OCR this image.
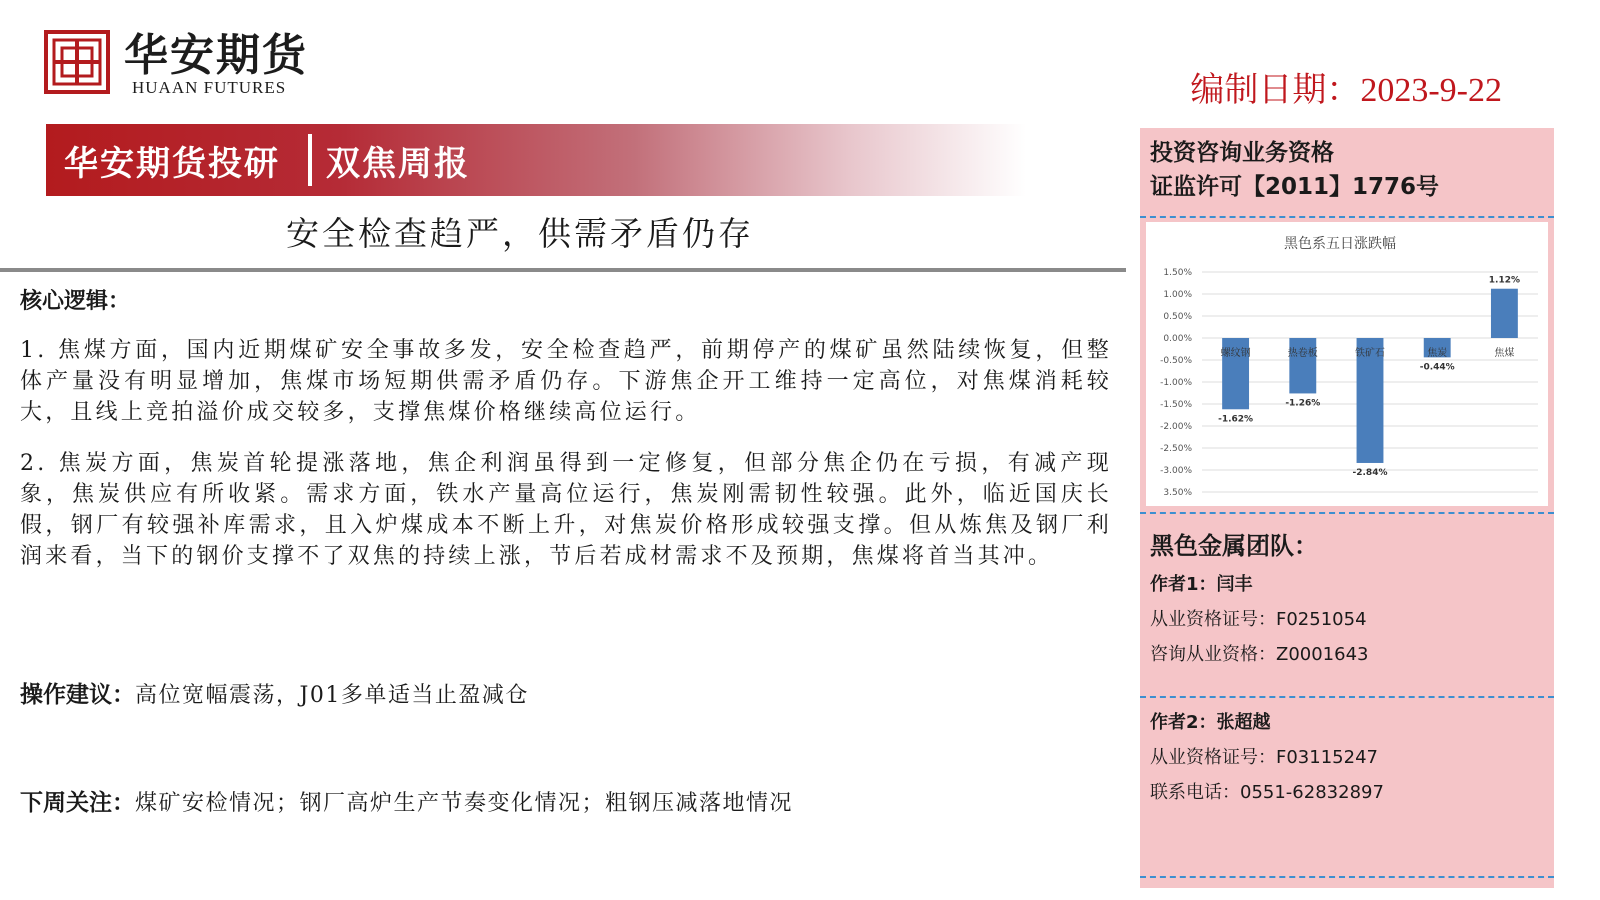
华安期货
HUAAN FUTURES	编制日期：2023-9-22
华安期货投研 双焦周报
安全检查趋严，供需矛盾仍存
核心逻辑：

1. 焦煤方面，国内近期煤矿安全事故多发，安全检查趋严，前期停产的煤矿虽然陆续恢复，但整体产量没有明显增加，焦煤市场短期供需矛盾仍存。下游焦企开工维持一定高位，对焦煤消耗较大，且线上竞拍溢价成交较多，支撑焦煤价格继续高位运行。

2. 焦炭方面，焦炭首轮提涨落地，焦企利润虽得到一定修复，但部分焦企仍在亏损，有减产现象，焦炭供应有所收紧。需求方面，铁水产量高位运行，焦炭刚需韧性较强。此外，临近国庆长假，钢厂有较强补库需求，且入炉煤成本不断上升，对焦炭价格形成较强支撑。但从炼焦及钢厂利润来看，当下的钢价支撑不了双焦的持续上涨，节后若成材需求不及预期，焦煤将首当其冲。

操作建议：高位宽幅震荡，J01多单适当止盈减仓
下周关注：煤矿安检情况；钢厂高炉生产节奏变化情况；粗钢压减落地情况
投资咨询业务资格
证监许可【2011】1776号
黑色系五日涨跌幅
1.50%
1.00%
0.50%
0.00%
-0.50%
-1.00%
-1.50%
-2.00%
-2.50%
-3.00%
3.50%
-1.62%
螺纹钢
-1.26%
热卷板
-2.84%
铁矿石
-0.44%
焦炭
1.12%
焦煤
黑色金属团队：
作者1：闫丰
从业资格证号：F0251054
咨询从业资格：Z0001643
作者2：张超越
从业资格证号：F03115247
联系电话：0551-62832897
